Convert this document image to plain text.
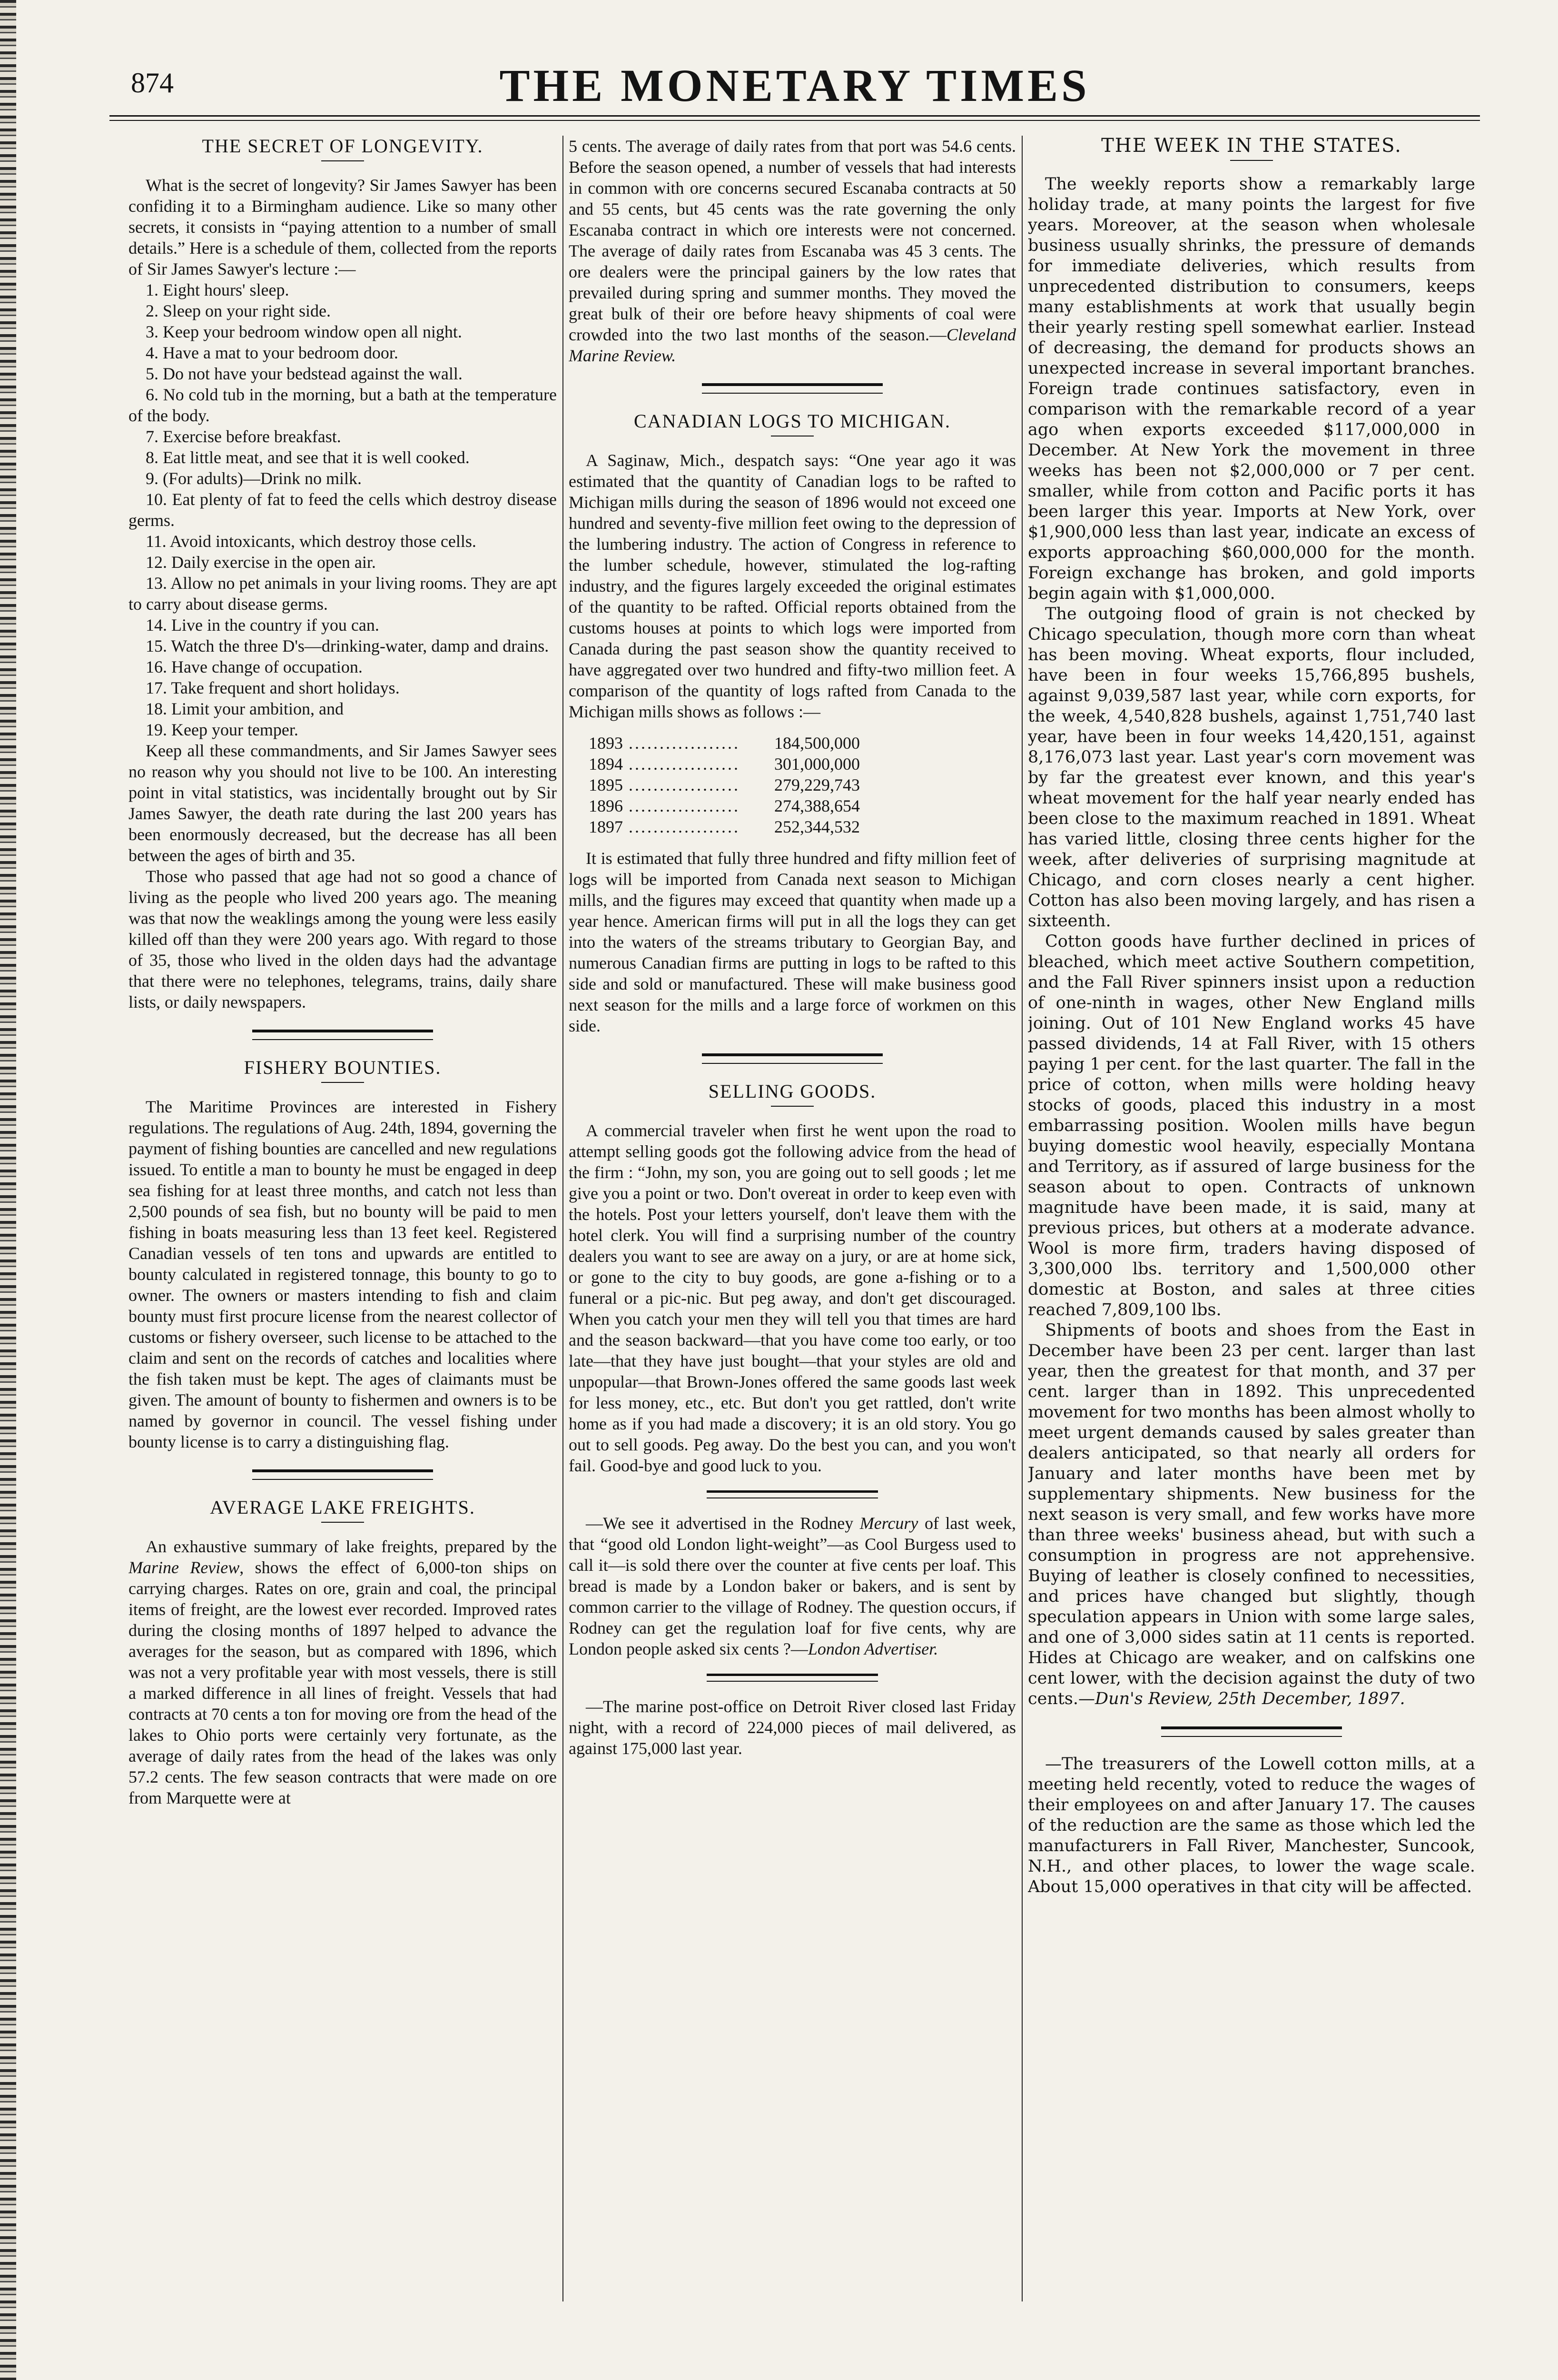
874	THE MONETARY TIMES
THE SECRET OF LONGEVITY.

What is the secret of longevity? Sir James Sawyer has been confiding it to a Birmingham audience. Like so many other secrets, it consists in “paying attention to a number of small details.” Here is a schedule of them, collected from the reports of Sir James Sawyer's lecture :—

1. Eight hours' sleep.

2. Sleep on your right side.

3. Keep your bedroom window open all night.

4. Have a mat to your bedroom door.

5. Do not have your bedstead against the wall.

6. No cold tub in the morning, but a bath at the temperature of the body.

7. Exercise before breakfast.

8. Eat little meat, and see that it is well cooked.

9. (For adults)—Drink no milk.

10. Eat plenty of fat to feed the cells which destroy disease germs.

11. Avoid intoxicants, which destroy those cells.

12. Daily exercise in the open air.

13. Allow no pet animals in your living rooms. They are apt to carry about disease germs.

14. Live in the country if you can.

15. Watch the three D's—drinking-water, damp and drains.

16. Have change of occupation.

17. Take frequent and short holidays.

18. Limit your ambition, and

19. Keep your temper.

Keep all these commandments, and Sir James Sawyer sees no reason why you should not live to be 100. An interesting point in vital statistics, was incidentally brought out by Sir James Sawyer, the death rate during the last 200 years has been enormously decreased, but the decrease has all been between the ages of birth and 35.

Those who passed that age had not so good a chance of living as the people who lived 200 years ago. The meaning was that now the weaklings among the young were less easily killed off than they were 200 years ago. With regard to those of 35, those who lived in the olden days had the advantage that there were no telephones, telegrams, trains, daily share lists, or daily newspapers.

FISHERY BOUNTIES.

The Maritime Provinces are interested in Fishery regulations. The regulations of Aug. 24th, 1894, governing the payment of fishing bounties are cancelled and new regulations issued. To entitle a man to bounty he must be engaged in deep sea fishing for at least three months, and catch not less than 2,500 pounds of sea fish, but no bounty will be paid to men fishing in boats measuring less than 13 feet keel. Registered Canadian vessels of ten tons and upwards are entitled to bounty calculated in registered tonnage, this bounty to go to owner. The owners or masters intending to fish and claim bounty must first procure license from the nearest collector of customs or fishery overseer, such license to be attached to the claim and sent on the records of catches and localities where the fish taken must be kept. The ages of claimants must be given. The amount of bounty to fishermen and owners is to be named by governor in council. The vessel fishing under bounty license is to carry a distinguishing flag.

AVERAGE LAKE FREIGHTS.

An exhaustive summary of lake freights, prepared by the Marine Review, shows the effect of 6,000-ton ships on carrying charges. Rates on ore, grain and coal, the principal items of freight, are the lowest ever recorded. Improved rates during the closing months of 1897 helped to advance the averages for the season, but as compared with 1896, which was not a very profitable year with most vessels, there is still a marked difference in all lines of freight. Vessels that had contracts at 70 cents a ton for moving ore from the head of the lakes to Ohio ports were certainly very fortunate, as the average of daily rates from the head of the lakes was only 57.2 cents. The few season contracts that were made on ore from Marquette were at

5 cents. The average of daily rates from that port was 54.6 cents. Before the season opened, a number of vessels that had interests in common with ore concerns secured Escanaba contracts at 50 and 55 cents, but 45 cents was the rate governing the only Escanaba contract in which ore interests were not concerned. The average of daily rates from Escanaba was 45 3 cents. The ore dealers were the principal gainers by the low rates that prevailed during spring and summer months. They moved the great bulk of their ore before heavy shipments of coal were crowded into the two last months of the season.—Cleveland Marine Review.

CANADIAN LOGS TO MICHIGAN.

A Saginaw, Mich., despatch says: “One year ago it was estimated that the quantity of Canadian logs to be rafted to Michigan mills during the season of 1896 would not exceed one hundred and seventy-five million feet owing to the depression of the lumbering industry. The action of Congress in reference to the lumber schedule, however, stimulated the log-rafting industry, and the figures largely exceeded the original estimates of the quantity to be rafted. Official reports obtained from the customs houses at points to which logs were imported from Canada during the past season show the quantity received to have aggregated over two hundred and fifty-two million feet. A comparison of the quantity of logs rafted from Canada to the Michigan mills shows as follows :—

1893	..................	184,500,000
1894	..................	301,000,000
1895	..................	279,229,743
1896	..................	274,388,654
1897	..................	252,344,532

It is estimated that fully three hundred and fifty million feet of logs will be imported from Canada next season to Michigan mills, and the figures may exceed that quantity when made up a year hence. American firms will put in all the logs they can get into the waters of the streams tributary to Georgian Bay, and numerous Canadian firms are putting in logs to be rafted to this side and sold or manufactured. These will make business good next season for the mills and a large force of workmen on this side.

SELLING GOODS.

A commercial traveler when first he went upon the road to attempt selling goods got the following advice from the head of the firm : “John, my son, you are going out to sell goods ; let me give you a point or two. Don't overeat in order to keep even with the hotels. Post your letters yourself, don't leave them with the hotel clerk. You will find a surprising number of the country dealers you want to see are away on a jury, or are at home sick, or gone to the city to buy goods, are gone a-fishing or to a funeral or a pic-nic. But peg away, and don't get discouraged. When you catch your men they will tell you that times are hard and the season backward—that you have come too early, or too late—that they have just bought—that your styles are old and unpopular—that Brown-Jones offered the same goods last week for less money, etc., etc. But don't you get rattled, don't write home as if you had made a discovery; it is an old story. You go out to sell goods. Peg away. Do the best you can, and you won't fail. Good-bye and good luck to you.

—We see it advertised in the Rodney Mercury of last week, that “good old London light-weight”—as Cool Burgess used to call it—is sold there over the counter at five cents per loaf. This bread is made by a London baker or bakers, and is sent by common carrier to the village of Rodney. The question occurs, if Rodney can get the regulation loaf for five cents, why are London people asked six cents ?—London Advertiser.

—The marine post-office on Detroit River closed last Friday night, with a record of 224,000 pieces of mail delivered, as against 175,000 last year.

THE WEEK IN THE STATES.

The weekly reports show a remarkably large holiday trade, at many points the largest for five years. Moreover, at the season when wholesale business usually shrinks, the pressure of demands for immediate deliveries, which results from unprecedented distribution to consumers, keeps many establishments at work that usually begin their yearly resting spell somewhat earlier. Instead of decreasing, the demand for products shows an unexpected increase in several important branches. Foreign trade continues satisfactory, even in comparison with the remarkable record of a year ago when exports exceeded $117,000,000 in December. At New York the movement in three weeks has been not $2,000,000 or 7 per cent. smaller, while from cotton and Pacific ports it has been larger this year. Imports at New York, over $1,900,000 less than last year, indicate an excess of exports approaching $60,000,000 for the month. Foreign exchange has broken, and gold imports begin again with $1,000,000.

The outgoing flood of grain is not checked by Chicago speculation, though more corn than wheat has been moving. Wheat exports, flour included, have been in four weeks 15,766,895 bushels, against 9,039,587 last year, while corn exports, for the week, 4,540,828 bushels, against 1,751,740 last year, have been in four weeks 14,420,151, against 8,176,073 last year. Last year's corn movement was by far the greatest ever known, and this year's wheat movement for the half year nearly ended has been close to the maximum reached in 1891. Wheat has varied little, closing three cents higher for the week, after deliveries of surprising magnitude at Chicago, and corn closes nearly a cent higher. Cotton has also been moving largely, and has risen a sixteenth.

Cotton goods have further declined in prices of bleached, which meet active Southern competition, and the Fall River spinners insist upon a reduction of one-ninth in wages, other New England mills joining. Out of 101 New England works 45 have passed dividends, 14 at Fall River, with 15 others paying 1 per cent. for the last quarter. The fall in the price of cotton, when mills were holding heavy stocks of goods, placed this industry in a most embarrassing position. Woolen mills have begun buying domestic wool heavily, especially Montana and Territory, as if assured of large business for the season about to open. Contracts of unknown magnitude have been made, it is said, many at previous prices, but others at a moderate advance. Wool is more firm, traders having disposed of 3,300,000 lbs. territory and 1,500,000 other domestic at Boston, and sales at three cities reached 7,809,100 lbs.

Shipments of boots and shoes from the East in December have been 23 per cent. larger than last year, then the greatest for that month, and 37 per cent. larger than in 1892. This unprecedented movement for two months has been almost wholly to meet urgent demands caused by sales greater than dealers anticipated, so that nearly all orders for January and later months have been met by supplementary shipments. New business for the next season is very small, and few works have more than three weeks' business ahead, but with such a consumption in progress are not apprehensive. Buying of leather is closely confined to necessities, and prices have changed but slightly, though speculation appears in Union with some large sales, and one of 3,000 sides satin at 11 cents is reported. Hides at Chicago are weaker, and on calfskins one cent lower, with the decision against the duty of two cents.—Dun's Review, 25th December, 1897.

—The treasurers of the Lowell cotton mills, at a meeting held recently, voted to reduce the wages of their employees on and after January 17. The causes of the reduction are the same as those which led the manufacturers in Fall River, Manchester, Suncook, N.H., and other places, to lower the wage scale. About 15,000 operatives in that city will be affected.
